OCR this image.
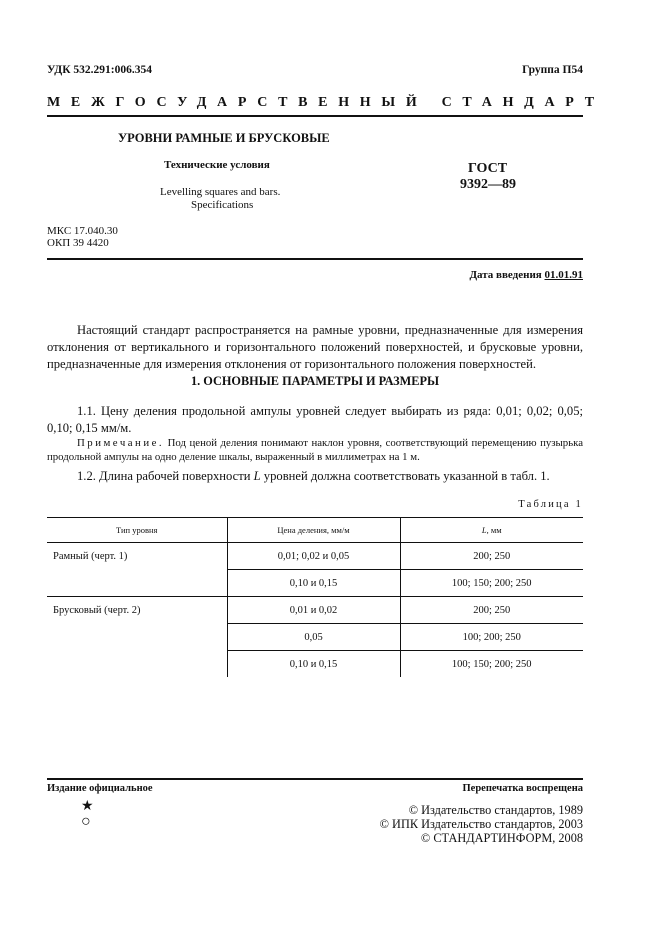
УДК 532.291:006.354	Группа П54
МЕЖГОСУДАРСТВЕННЫЙ СТАНДАРТ
УРОВНИ РАМНЫЕ И БРУСКОВЫЕ
Технические условия
Levelling squares and bars.
Specifications
ГОСТ
9392—89
МКС 17.040.30
ОКП 39 4420
Дата введения 01.01.91

Настоящий стандарт распространяется на рамные уровни, предназначенные для измерения отклонения от вертикального и горизонтального положений поверхностей, и брусковые уровни, предназначенные для измерения отклонения от горизонтального положения поверхностей.

1. ОСНОВНЫЕ ПАРАМЕТРЫ И РАЗМЕРЫ

1.1. Цену деления продольной ампулы уровней следует выбирать из ряда: 0,01; 0,02; 0,05; 0,10; 0,15 мм/м.

Примечание. Под ценой деления понимают наклон уровня, соответствующий перемещению пузырька продольной ампулы на одно деление шкалы, выраженный в миллиметрах на 1 м.

1.2. Длина рабочей поверхности L уровней должна соответствовать указанной в табл. 1.

Таблица 1
Тип уровня	Цена деления, мм/м	L, мм
Рамный (черт. 1)	0,01; 0,02 и 0,05	200; 250
	0,10 и 0,15	100; 150; 200; 250
Брусковый (черт. 2)	0,01 и 0,02	200; 250
	0,05	100; 200; 250
	0,10 и 0,15	100; 150; 200; 250
Издание официальное	Перепечатка воспрещена
★
○
© Издательство стандартов, 1989
© ИПК Издательство стандартов, 2003
© СТАНДАРТИНФОРМ, 2008
